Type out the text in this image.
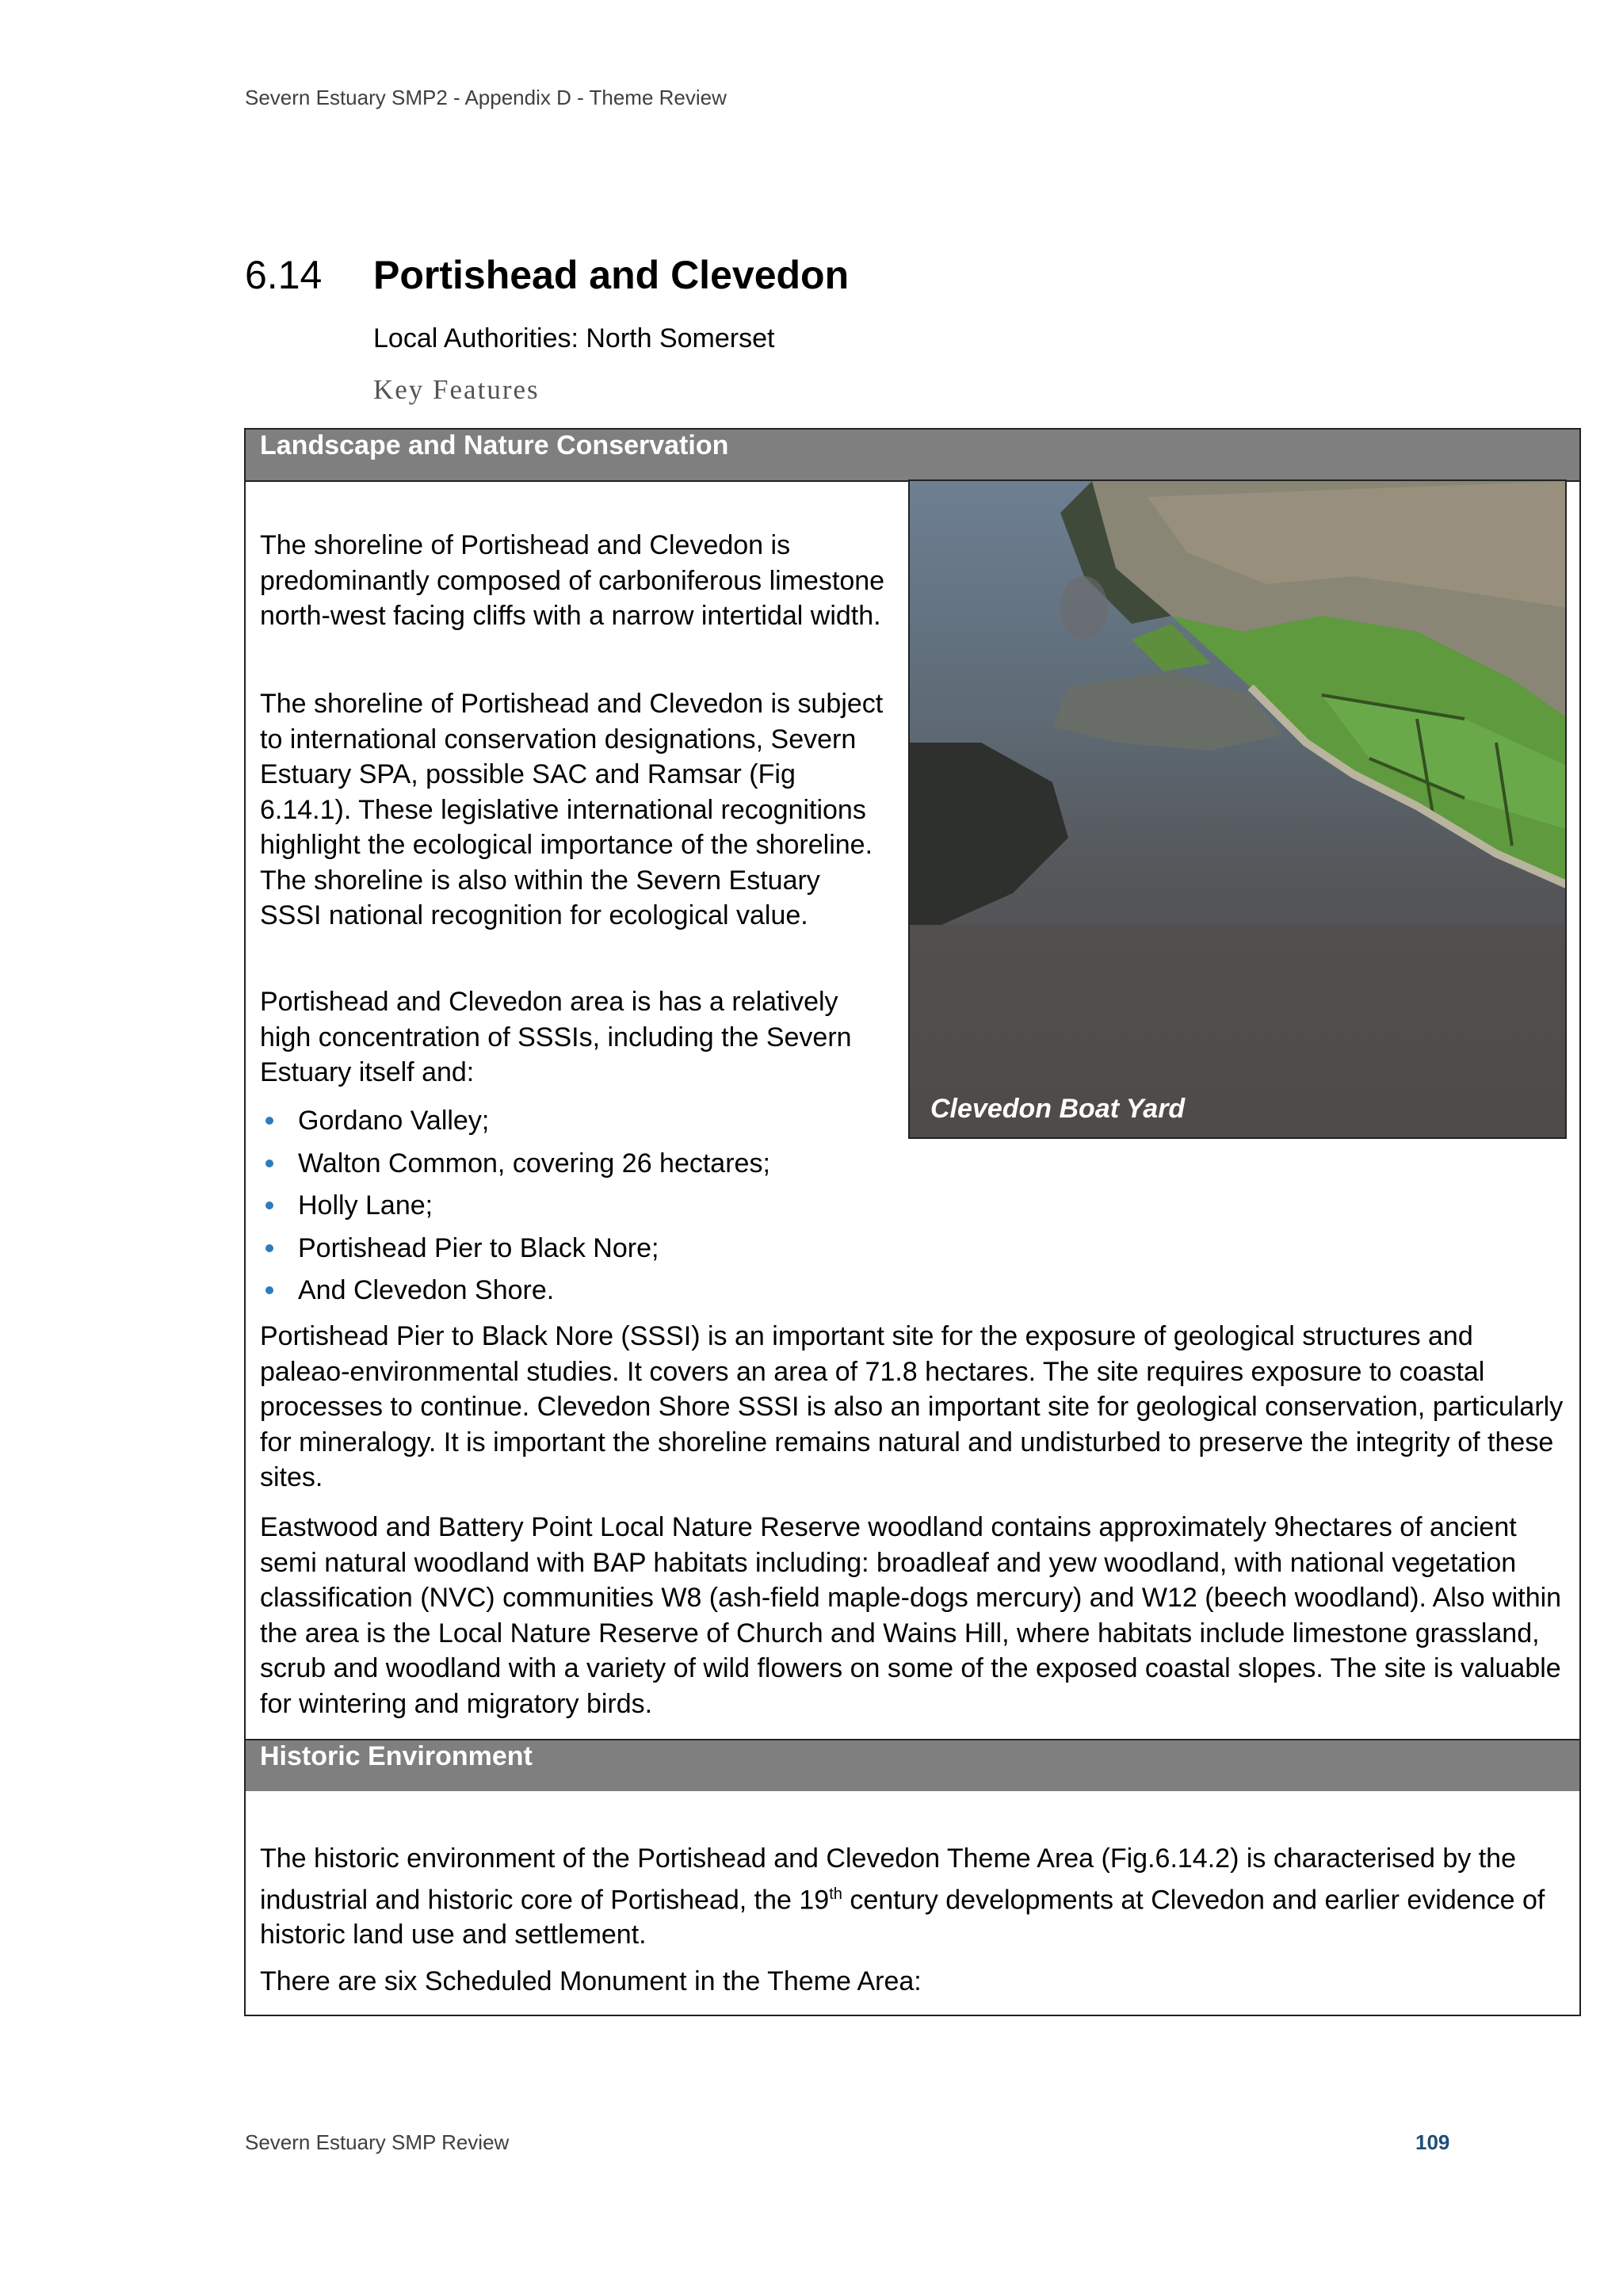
Severn Estuary SMP2 - Appendix D - Theme Review
6.14 Portishead and Clevedon
Local Authorities: North Somerset
Key Features
Landscape and Nature Conservation
Historic Environment
Clevedon Boat Yard

The shoreline of Portishead and Clevedon is predominantly composed of carboniferous limestone north-west facing cliffs with a narrow intertidal width.

The shoreline of Portishead and Clevedon is subject to international conservation designations, Severn Estuary SPA, possible SAC and Ramsar (Fig 6.14.1). These legislative international recognitions highlight the ecological importance of the shoreline. The shoreline is also within the Severn Estuary SSSI national recognition for ecological value.

Portishead and Clevedon area is has a relatively high concentration of SSSIs, including the Severn Estuary itself and:

Gordano Valley;
Walton Common, covering 26 hectares;
Holly Lane;
Portishead Pier to Black Nore;
And Clevedon Shore.

Portishead Pier to Black Nore (SSSI) is an important site for the exposure of geological structures and paleao-environmental studies. It covers an area of 71.8 hectares. The site requires exposure to coastal processes to continue. Clevedon Shore SSSI is also an important site for geological conservation, particularly for mineralogy. It is important the shoreline remains natural and undisturbed to preserve the integrity of these sites.

Eastwood and Battery Point Local Nature Reserve woodland contains approximately 9hectares of ancient semi natural woodland with BAP habitats including: broadleaf and yew woodland, with national vegetation classification (NVC) communities W8 (ash-field maple-dogs mercury) and W12 (beech woodland). Also within the area is the Local Nature Reserve of Church and Wains Hill, where habitats include limestone grassland, scrub and woodland with a variety of wild flowers on some of the exposed coastal slopes. The site is valuable for wintering and migratory birds.

The historic environment of the Portishead and Clevedon Theme Area (Fig.6.14.2) is characterised by the industrial and historic core of Portishead, the 19th century developments at Clevedon and earlier evidence of historic land use and settlement.

There are six Scheduled Monument in the Theme Area:

Severn Estuary SMP Review	109
